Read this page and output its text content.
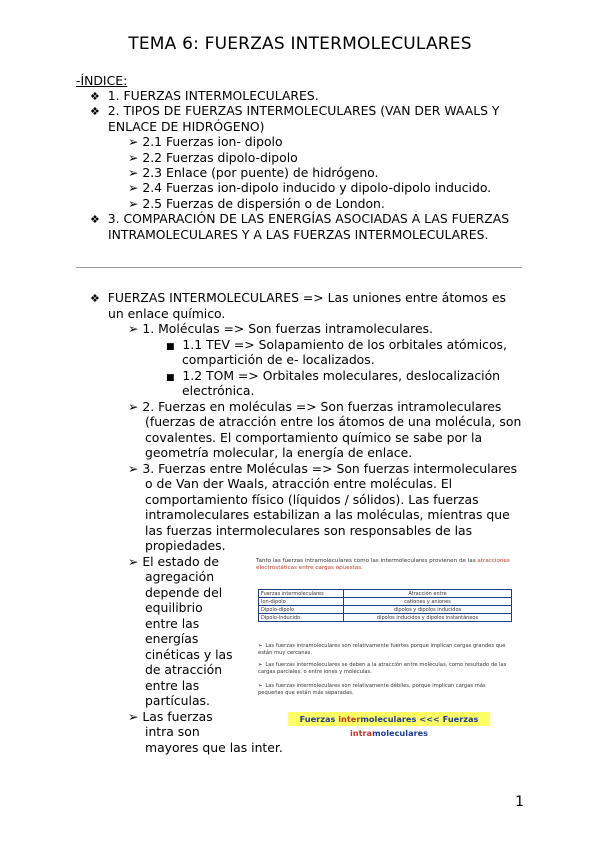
TEMA 6: FUERZAS INTERMOLECULARES
-ÍNDICE:
❖ 1. FUERZAS INTERMOLECULARES.
❖ 2. TIPOS DE FUERZAS INTERMOLECULARES (VAN DER WAALS Y
ENLACE DE HIDRÓGENO)
➢ 2.1 Fuerzas ion- dipolo
➢ 2.2 Fuerzas dipolo-dipolo
➢ 2.3 Enlace (por puente) de hidrógeno.
➢ 2.4 Fuerzas ion-dipolo inducido y dipolo-dipolo inducido.
➢ 2.5 Fuerzas de dispersión o de London.
❖ 3. COMPARACIÓN DE LAS ENERGÍAS ASOCIADAS A LAS FUERZAS
INTRAMOLECULARES Y A LAS FUERZAS INTERMOLECULARES.
❖ FUERZAS INTERMOLECULARES => Las uniones entre átomos es
un enlace químico.
➢ 1. Moléculas => Son fuerzas intramoleculares.
■ 1.1 TEV => Solapamiento de los orbitales atómicos,
compartición de e- localizados.
■ 1.2 TOM => Orbitales moleculares, deslocalización
electrónica.
➢ 2. Fuerzas en moléculas => Son fuerzas intramoleculares
(fuerzas de atracción entre los átomos de una molécula, son
covalentes. El comportamiento químico se sabe por la
geometría molecular, la energía de enlace.
➢ 3. Fuerzas entre Moléculas => Son fuerzas intermoleculares
o de Van der Waals, atracción entre moléculas. El
comportamiento físico (líquidos / sólidos). Las fuerzas
intramoleculares estabilizan a las moléculas, mientras que
las fuerzas intermoleculares son responsables de las
propiedades.
➢ El estado de
agregación
depende del
equilibrio
entre las
energías
cinéticas y las
de atracción
entre las
partículas.
➢ Las fuerzas
intra son
mayores que las inter.
Tanto las fuerzas intramoleculares como las intermoleculares provienen de las atracciones electrostáticas entre cargas opuestas.
Fuerzas intermoleculares	Atracción entre
Ion-dipolo	cationes y aniones
Dipolo-dipolo	dipolos y dipolos inducidos
Dipolo-inducido	dipolos inducidos y dipolos instantáneos
➢ Las fuerzas intramoleculares son relativamente fuertes porque implican cargas grandes que están muy cercanas.
➢ Las fuerzas intermoleculares se deben a la atracción entre moléculas, como resultado de las cargas parciales, o entre iones y moléculas.
➢ Las fuerzas intermoleculares son relativamente débiles, porque implican cargas más pequeñas que están más separadas.
Fuerzas intermoleculares <<< Fuerzas intramoleculares
1
